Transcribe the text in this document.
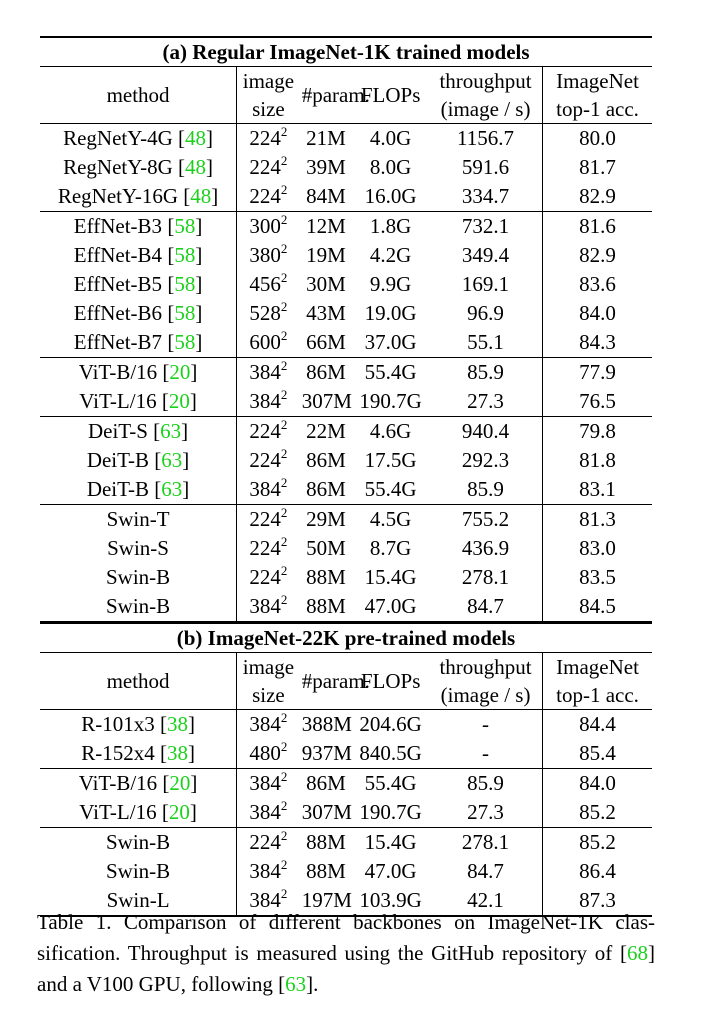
(a) Regular ImageNet-1K trained models					
method	image	#param.	FLOPs	throughput	ImageNet
	size			(image / s)	top-1 acc.
RegNetY-4G [48]	$224^2$	21M	4.0G	1156.7	80.0
RegNetY-8G [48]	$224^2$	39M	8.0G	591.6	81.7
RegNetY-16G [48]	$224^2$	84M	16.0G	334.7	82.9
EffNet-B3 [58]	$300^2$	12M	1.8G	732.1	81.6
EffNet-B4 [58]	$380^2$	19M	4.2G	349.4	82.9
EffNet-B5 [58]	$456^2$	30M	9.9G	169.1	83.6
EffNet-B6 [58]	$528^2$	43M	19.0G	96.9	84.0
EffNet-B7 [58]	$600^2$	66M	37.0G	55.1	84.3
ViT-B/16 [20]	$384^2$	86M	55.4G	85.9	77.9
ViT-L/16 [20]	$384^2$	307M	190.7G	27.3	76.5
DeiT-S [63]	$224^2$	22M	4.6G	940.4	79.8
DeiT-B [63]	$224^2$	86M	17.5G	292.3	81.8
DeiT-B [63]	$384^2$	86M	55.4G	85.9	83.1
Swin-T	$224^2$	29M	4.5G	755.2	81.3
Swin-S	$224^2$	50M	8.7G	436.9	83.0
Swin-B	$224^2$	88M	15.4G	278.1	83.5
Swin-B	$384^2$	88M	47.0G	84.7	84.5
(b) ImageNet-22K pre-trained models					
method	image	#param.	FLOPs	throughput	ImageNet
	size			(image / s)	top-1 acc.
R-101x3 [38]	$384^2$	388M	204.6G	-	84.4
R-152x4 [38]	$480^2$	937M	840.5G	-	85.4
ViT-B/16 [20]	$384^2$	86M	55.4G	85.9	84.0
ViT-L/16 [20]	$384^2$	307M	190.7G	27.3	85.2
Swin-B	$224^2$	88M	15.4G	278.1	85.2
Swin-B	$384^2$	88M	47.0G	84.7	86.4
Swin-L	$384^2$	197M	103.9G	42.1	87.3
Table 1. Comparison of different backbones on ImageNet-1K clas-sification. Throughput is measured using the GitHub repository of [68] and a V100 GPU, following [63].
